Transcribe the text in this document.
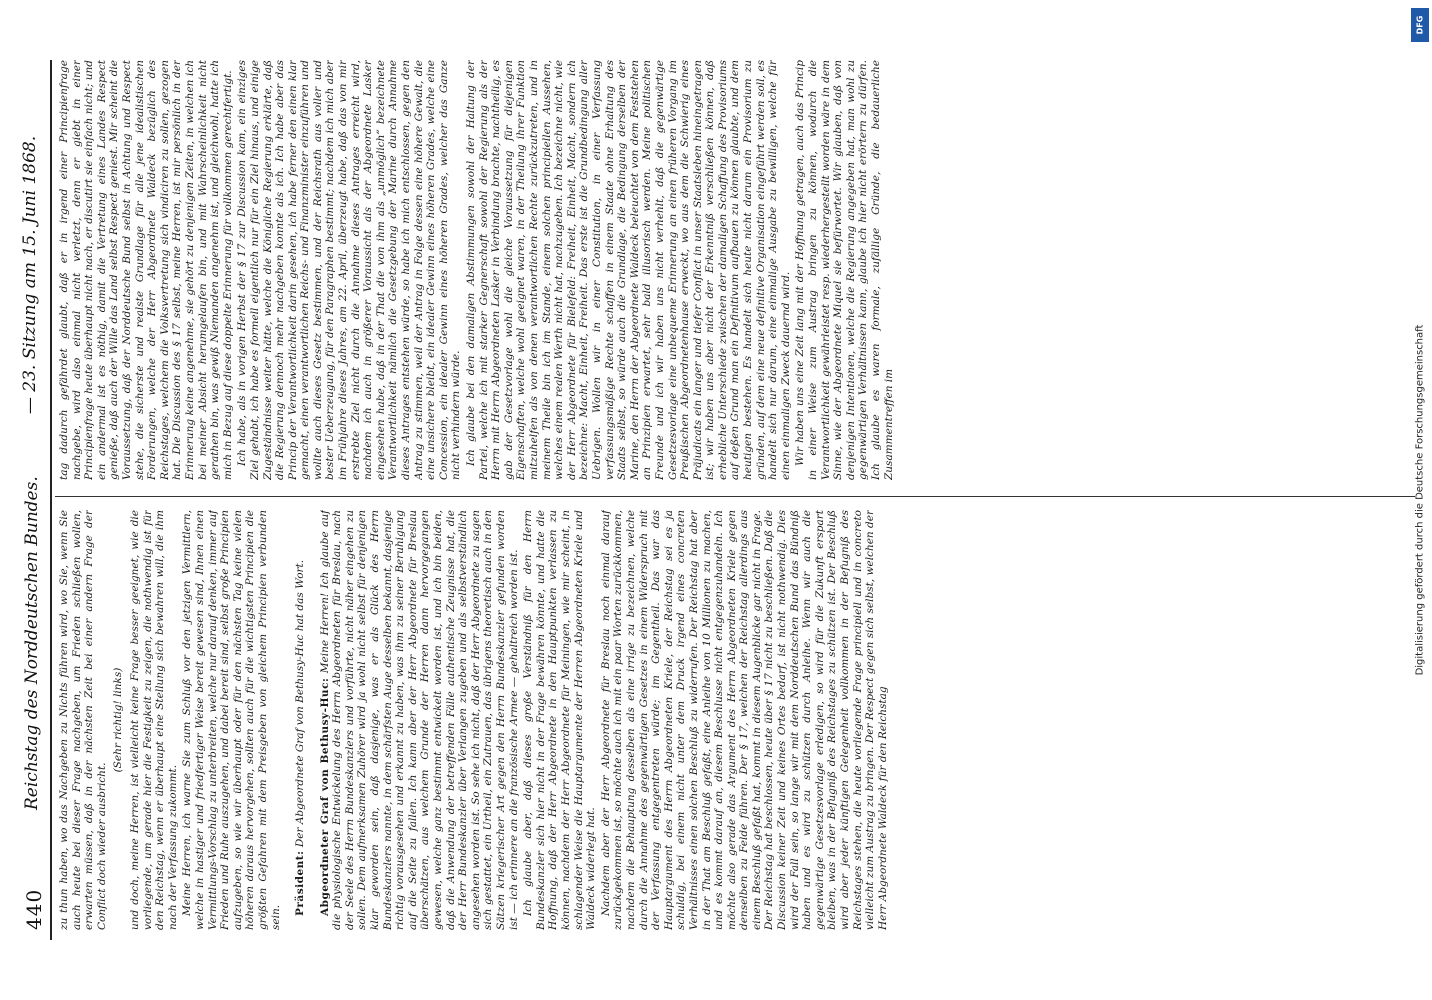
440
Reichstag des Norddeutschen Bundes.
— 23. Sitzung am 15. Juni 1868.

zu thun haben, wo das Nachgeben zu Nichts führen wird, wo Sie, wenn Sie auch heute bei dieser Frage nachgeben, um Frieden schließen wollen, erwarten müssen, daß in der nächsten Zeit bei einer andern Frage der Conflict doch wieder ausbricht.

(Sehr richtig! links) und doch, meine Herren, ist vielleicht keine Frage besser geeignet, wie die vorliegende, um gerade hier die Festigkeit zu zeigen, die nothwendig ist für den Reichstag, wenn er überhaupt eine Stellung sich bewahren will, die ihm nach der Verfassung zukommt. Meine Herren, ich warne Sie zum Schluß vor den jetzigen Vermittlern, welche in hastiger und friedfertiger Weise bereit gewesen sind, Ihnen einen Vermittlungs-Vorschlag zu unterbreiten, welche nur darauf denken, immer auf Frieden und Ruhe auszugehen, und dabei bereit sind, selbst große Principien aufzugeben, so wie wir überhaupt oder für den nächsten Tag keine vielen höheren daraus hervorgehen, sollten auch für die wichtigsten Principien die größten Gefahren mit dem Preisgeben von gleichem Principien verbunden sein.

Präsident: Der Abgeordnete Graf von Bethusy-Huc hat das Wort. Abgeordneter Graf von Bethusy-Huc: Meine Herren! Ich glaube auf die physiologische Entwickelung des Herrn Abgeordneten für Breslau, nach der Seele des Herrn Bundeskanzlers und vorführte, nicht näher eingehen zu sollen. Dem aufmerksamen Zuhörer wird ja wohl nicht selbst für denjenigen klar geworden sein, daß dasjenige, was er als Glück des Herrn Bundeskanzlers nannte, in dem schärfsten Auge desselben bekannt, dasjenige richtig vorausgesehen und erkannt zu haben, was ihm zu seiner Beruhigung auf die Seite zu fallen. Ich kann aber der Herr Abgeordnete für Breslau überschätzen, aus welchem Grunde der Herren dann hervorgegangen gewesen, welche ganz bestimmt entwickelt worden ist, und ich bin beiden, daß die Anwendung der betreffenden Fälle authentische Zeugnisse hat, die der Herr Bundeskanzler über Verlangen zugeben und als selbstverständlich angesehen worden ist. So sehe ich nicht, daß der Herr Abgeordnete zu sagen sich gestattet, ein Urtheil, ein Zutrauen, das übrigens theoretisch auch in den Sätzen kriegerischer Art gegen den Herrn Bundeskanzler gefunden worden ist — ich erinnere an die französische Armee — gehaltreich worden ist. Ich glaube aber, daß dieses große Verständniß für den Herrn Bundeskanzler sich hier nicht in der Frage bewähren könnte, und hatte die Hoffnung, daß der Herr Abgeordnete in den Hauptpunkten verlassen zu können, nachdem der Herr Abgeordnete für Meiningen, wie mir scheint, in schlagender Weise die Hauptargumente der Herren Abgeordneten Kriele und Waldeck widerlegt hat. Nachdem aber der Herr Abgeordnete für Breslau noch einmal darauf zurückgekommen ist, so möchte auch ich mit ein paar Worten zurückkommen, nachdem die Behauptung desselben als eine irrige zu bezeichnen, welche durch die Annahme des gegenwärtigen Gesetzes in einem Widerspruch mit der Verfassung entgegentreten würde; im Gegentheil. Das war das Hauptargument des Herrn Abgeordneten Kriele, der Reichstag sei es ja schuldig, bei einem nicht unter dem Druck irgend eines concreten Verhältnisses einen solchen Beschluß zu widerrufen. Der Reichstag hat aber in der That am Beschluß gefaßt, eine Anleihe von 10 Millionen zu machen, und es kommt darauf an, diesem Beschlusse nicht entgegenzuhandeln. Ich möchte also gerade das Argument des Herrn Abgeordneten Kriele gegen denselben zu Felde führen. Der § 17, welchen der Reichstag allerdings aus einem Beschluß gefaßt hat, kommt in diesem Augenblicke gar nicht in Frage. Der Reichstag hat beschlossen, heute über § 17 nicht zu beschließen. Daß die Discussion keiner Zeit und keines Ortes bedarf, ist nicht nothwendig. Dies wird der Fall sein, so lange wir mit dem Norddeutschen Bund das Bündniß haben und es wird zu schützen durch Anleihe. Wenn wir auch die gegenwärtige Gesetzesvorlage erledigen, so wird für die Zukunft erspart bleiben, was in der Befugniß des Reichstages zu schützen ist. Der Beschluß wird aber jeder künftigen Gelegenheit vollkommen in der Befugniß des Reichstages stehen, die heute vorliegende Frage principiell und in concreto vielleicht zum Austrag zu bringen. Der Respect gegen sich selbst, welchen der Herr Abgeordnete Waldeck für den Reichstag

tag dadurch gefährdet glaubt, daß er in irgend einer Principienfrage nachgebe, wird also einmal nicht verletzt, denn er giebt in einer Principienfrage heute überhaupt nicht nach, er discutirt sie einfach nicht; und ein andermal ist es nöthig, damit die Vertretung eines Landes Respect genieße, daß auch der Wille das Land selbst Respect geniest. Mir scheint die Voraussetzung, daß der Norddeutsche Bund selbst in Achtung und Respect stehe, die sicherste und realste Grundlage für alle jene idealistischen Forderungen, welche der Herr Abgeordnete Waldeck bezüglich des Reichstages, welchem die Volksvertretung sich vindiciren zu sollen, gezogen hat. Die Discussion des § 17 selbst, meine Herren, ist mir persönlich in der Erinnerung keine angenehme, sie gehört zu denjenigen Zeiten, in welchen ich bei meiner Absicht herumgelaufen bin, und mit Wahrscheinlichkeit nicht gerathen bin, was gewiß Niemanden angenehm ist, und gleichwohl, hatte ich mich in Bezug auf diese doppelte Erinnerung für vollkommen gerechtfertigt. Ich habe, als in vorigen Herbst der § 17 zur Discussion kam, ein einziges Ziel gehabt, ich habe es formell eigentlich nur für ein Ziel hinaus, und einige Zugeständnisse weiter hätte, welche die Königliche Regierung erklärte, daß die Regierung dennoch mehr nachgeben konnte als ich. Ich habe aber das Princip der Verantwortlichkeit darin gesehen, ich habe ferner den einen klar gemacht, einen verantwortlichen Reichs- und Finanzminister einzuführen und wollte auch dieses Gesetz bestimmen, und der Reichsrath aus voller und bester Ueberzeugung, für den Paragraphen bestimmt; nachdem ich mich aber im Frühjahre dieses Jahres, am 22. April, überzeugt habe, daß das von mir erstrebte Ziel nicht durch die Annahme dieses Antrages erreicht wird, nachdem ich auch in größerer Voraussicht als der Abgeordnete Lasker eingesehen habe, daß in der That die von ihm als „unmöglich“ bezeichnete Verantwortlichkeit nämlich die Gesetzgebung der Marine durch Annahme dieses Antrages entstehen würde, so habe ich mich entschlossen, gegen den Antrag zu stimmen, weil der Antrag in Folge dessen eine höhere Gewalt, die eine unsichere bleibt, ein idealer Gewinn eines höheren Grades, welche eine Concession, ein idealer Gewinn eines höheren Grades, welcher das Ganze nicht verhindern würde. Ich glaube bei den damaligen Abstimmungen sowohl der Haltung der Partei, welche ich mit starker Gegnerschaft sowohl der Regierung als der Herrn mit Herrn Abgeordneten Lasker in Verbindung brachte, nachtheilig, es gab der Gesetzvorlage wohl die gleiche Voraussetzung für diejenigen Eigenschaften, welche wohl geeignet waren, in der Theilung ihrer Funktion mitzuhelfen als von denen verantwortlichen Rechte zurückzutreten, und in meinem Theile bin ich im Stande, einem solchen principiellen Aussehen, welches einem realen Werth nicht hat, nachzugeben. Ich bezeichne nicht, wie der Herr Abgeordnete für Bielefeld: Freiheit, Einheit, Macht, sondern ich bezeichne: Macht, Einheit, Freiheit. Das erste ist die Grundbedingung aller Uebrigen. Wollen wir in einer Constitution, in einer Verfassung verfassungsmäßige Rechte schaffen in einem Staate ohne Erhaltung des Staats selbst, so würde auch die Grundlage, die Bedingung derselben der Marine, den Herrn der Abgeordnete Waldeck beleuchtet von dem Feststehen an Prinzipien erwartet, sehr bald illusorisch werden. Meine politischen Freunde und ich wir haben uns nicht verhehlt, daß die gegenwärtige Gesetzesvorlage eine unbequeme Erinnerung an einen früheren Vorgang im Preußischen Abgeordnetenhause erweckt, wo aus dem die Schwierig eines Präjudicats ein langer und tiefer Conflict in unser Staatsleben hineingetragen ist; wir haben uns aber nicht der Erkenntniß verschließen können, daß erhebliche Unterschiede zwischen der damaligen Schaffung des Provisoriums auf deßen Grund man ein Definitivum aufbauen zu können glaubte, und dem heutigen bestehen. Es handelt sich heute nicht darum ein Provisorium zu gründen, auf dem eine neue definitive Organisation eingeführt werden soll, es handelt sich nur darum, eine einmalige Ausgabe zu bewilligen, welche für einen einmaligen Zweck dauernd wird. Wir haben uns eine Zeit lang mit der Hoffnung getragen, auch das Princip in einer Weise zum Austrag bringen zu können, wodurch die Verantwortlichkeit gewährleistet resp. wiederhergestellt worden wäre in dem Sinne, wie der Abgeordnete Miquel sie befürwortet. Wir glauben, daß von denjenigen Intentionen, welche die Regierung angegeben hat, man wohl zu gegenwärtigen Verhältnissen kann, glaube ich hier nicht erörtern zu dürfen. Ich glaube es waren formale, zufällige Gründe, die bedauerliche Zusammentreffen im

DFG
Digitalisierung gefördert durch die Deutsche Forschungsgemeinschaft
